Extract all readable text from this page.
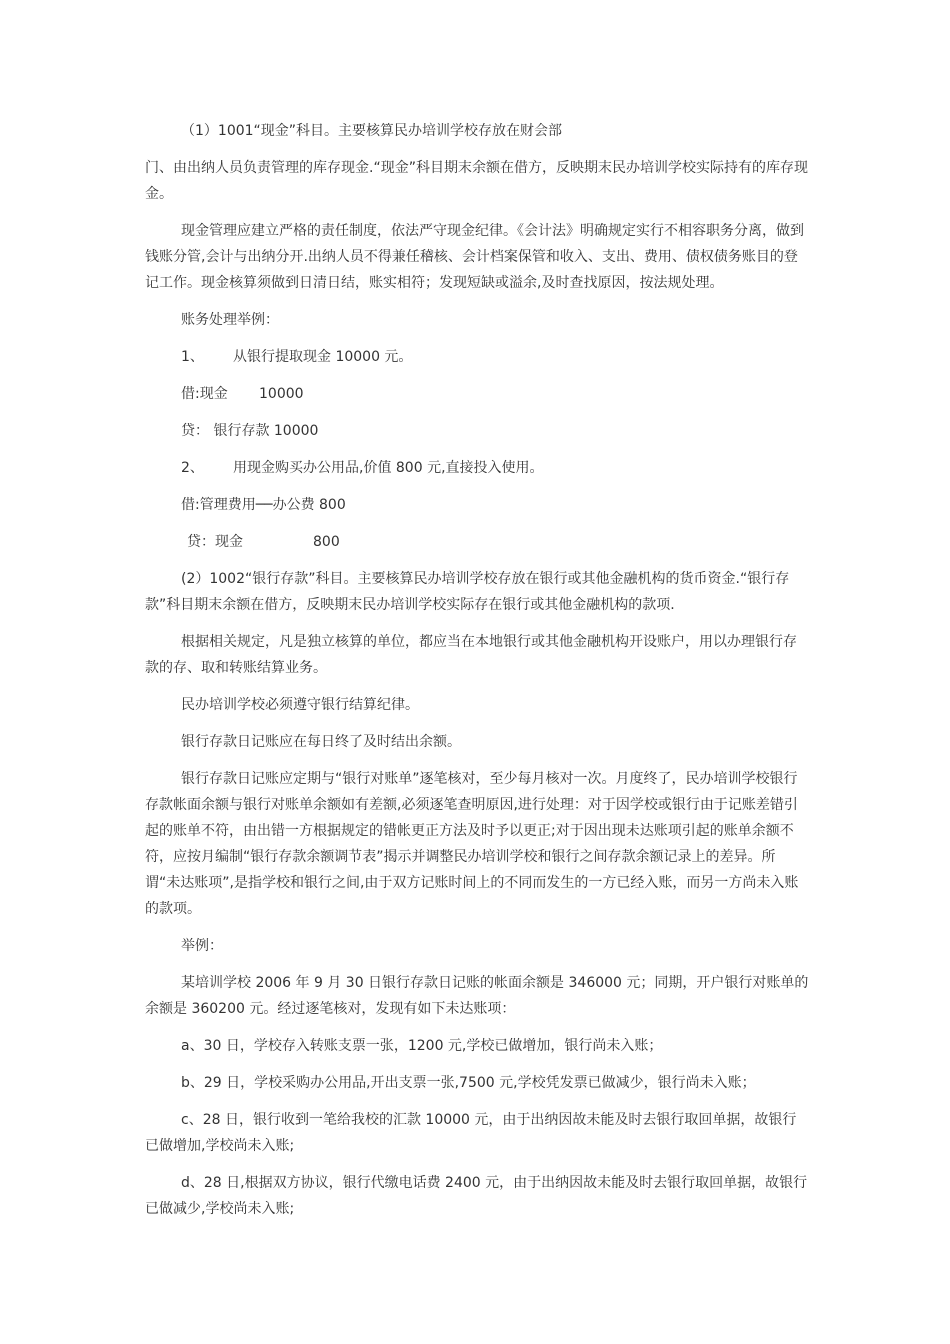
（1）1001“现金”科目。主要核算民办培训学校存放在财会部

门、由出纳人员负责管理的库存现金.“现金”科目期末余额在借方，反映期末民办培训学校实际持有的库存现金。

现金管理应建立严格的责任制度，依法严守现金纪律。《会计法》明确规定实行不相容职务分离，做到钱账分管,会计与出纳分开.出纳人员不得兼任稽核、会计档案保管和收入、支出、费用、债权债务账目的登记工作。现金核算须做到日清日结，账实相符；发现短缺或溢余,及时查找原因，按法规处理。

账务处理举例：

1、	从银行提取现金 10000 元。
借:现金	10000
贷： 银行存款 10000
2、	用现金购买办公用品,价值 800 元,直接投入使用。
借:管理费用──办公费 800
贷：现金	800

(2）1002“银行存款”科目。主要核算民办培训学校存放在银行或其他金融机构的货币资金.“银行存款”科目期末余额在借方，反映期末民办培训学校实际存在银行或其他金融机构的款项.

根据相关规定，凡是独立核算的单位，都应当在本地银行或其他金融机构开设账户，用以办理银行存款的存、取和转账结算业务。

民办培训学校必须遵守银行结算纪律。

银行存款日记账应在每日终了及时结出余额。

银行存款日记账应定期与“银行对账单”逐笔核对，至少每月核对一次。月度终了，民办培训学校银行存款帐面余额与银行对账单余额如有差额,必须逐笔查明原因,进行处理：对于因学校或银行由于记账差错引起的账单不符，由出错一方根据规定的错帐更正方法及时予以更正;对于因出现未达账项引起的账单余额不符，应按月编制“银行存款余额调节表”揭示并调整民办培训学校和银行之间存款余额记录上的差异。所谓“未达账项”,是指学校和银行之间,由于双方记账时间上的不同而发生的一方已经入账，而另一方尚未入账的款项。

举例：

某培训学校 2006 年 9 月 30 日银行存款日记账的帐面余额是 346000 元；同期，开户银行对账单的余额是 360200 元。经过逐笔核对，发现有如下未达账项：

a、30 日，学校存入转账支票一张，1200 元,学校已做增加，银行尚未入账；

b、29 日，学校采购办公用品,开出支票一张,7500 元,学校凭发票已做减少，银行尚未入账；

c、28 日，银行收到一笔给我校的汇款 10000 元，由于出纳因故未能及时去银行取回单据，故银行已做增加,学校尚未入账;

d、28 日,根据双方协议，银行代缴电话费 2400 元，由于出纳因故未能及时去银行取回单据，故银行已做减少,学校尚未入账;
